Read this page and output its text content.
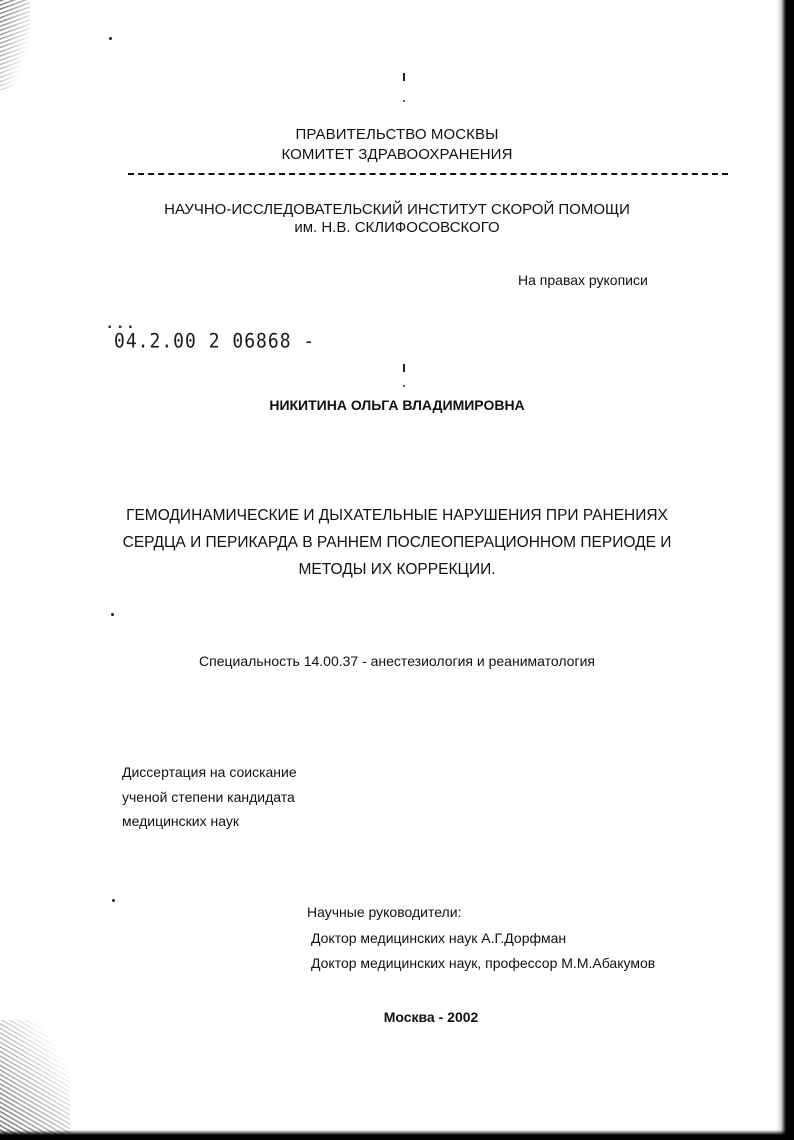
ПРАВИТЕЛЬСТВО МОСКВЫ
КОМИТЕТ ЗДРАВООХРАНЕНИЯ
НАУЧНО-ИССЛЕДОВАТЕЛЬСКИЙ ИНСТИТУТ СКОРОЙ ПОМОЩИ
им. Н.В. СКЛИФОСОВСКОГО
На правах рукописи
▪ ▪ ▪
04.2.00 2 06868 -
НИКИТИНА ОЛЬГА ВЛАДИМИРОВНА
ГЕМОДИНАМИЧЕСКИЕ И ДЫХАТЕЛЬНЫЕ НАРУШЕНИЯ ПРИ РАНЕНИЯХ
СЕРДЦА И ПЕРИКАРДА В РАННЕМ ПОСЛЕОПЕРАЦИОННОМ ПЕРИОДЕ И
МЕТОДЫ ИХ КОРРЕКЦИИ.
Специальность 14.00.37 - анестезиология и реаниматология
Диссертация на соискание
ученой степени кандидата
медицинских наук
Научные руководители:
Доктор медицинских наук А.Г.Дорфман
Доктор медицинских наук, профессор М.М.Абакумов
Москва - 2002
